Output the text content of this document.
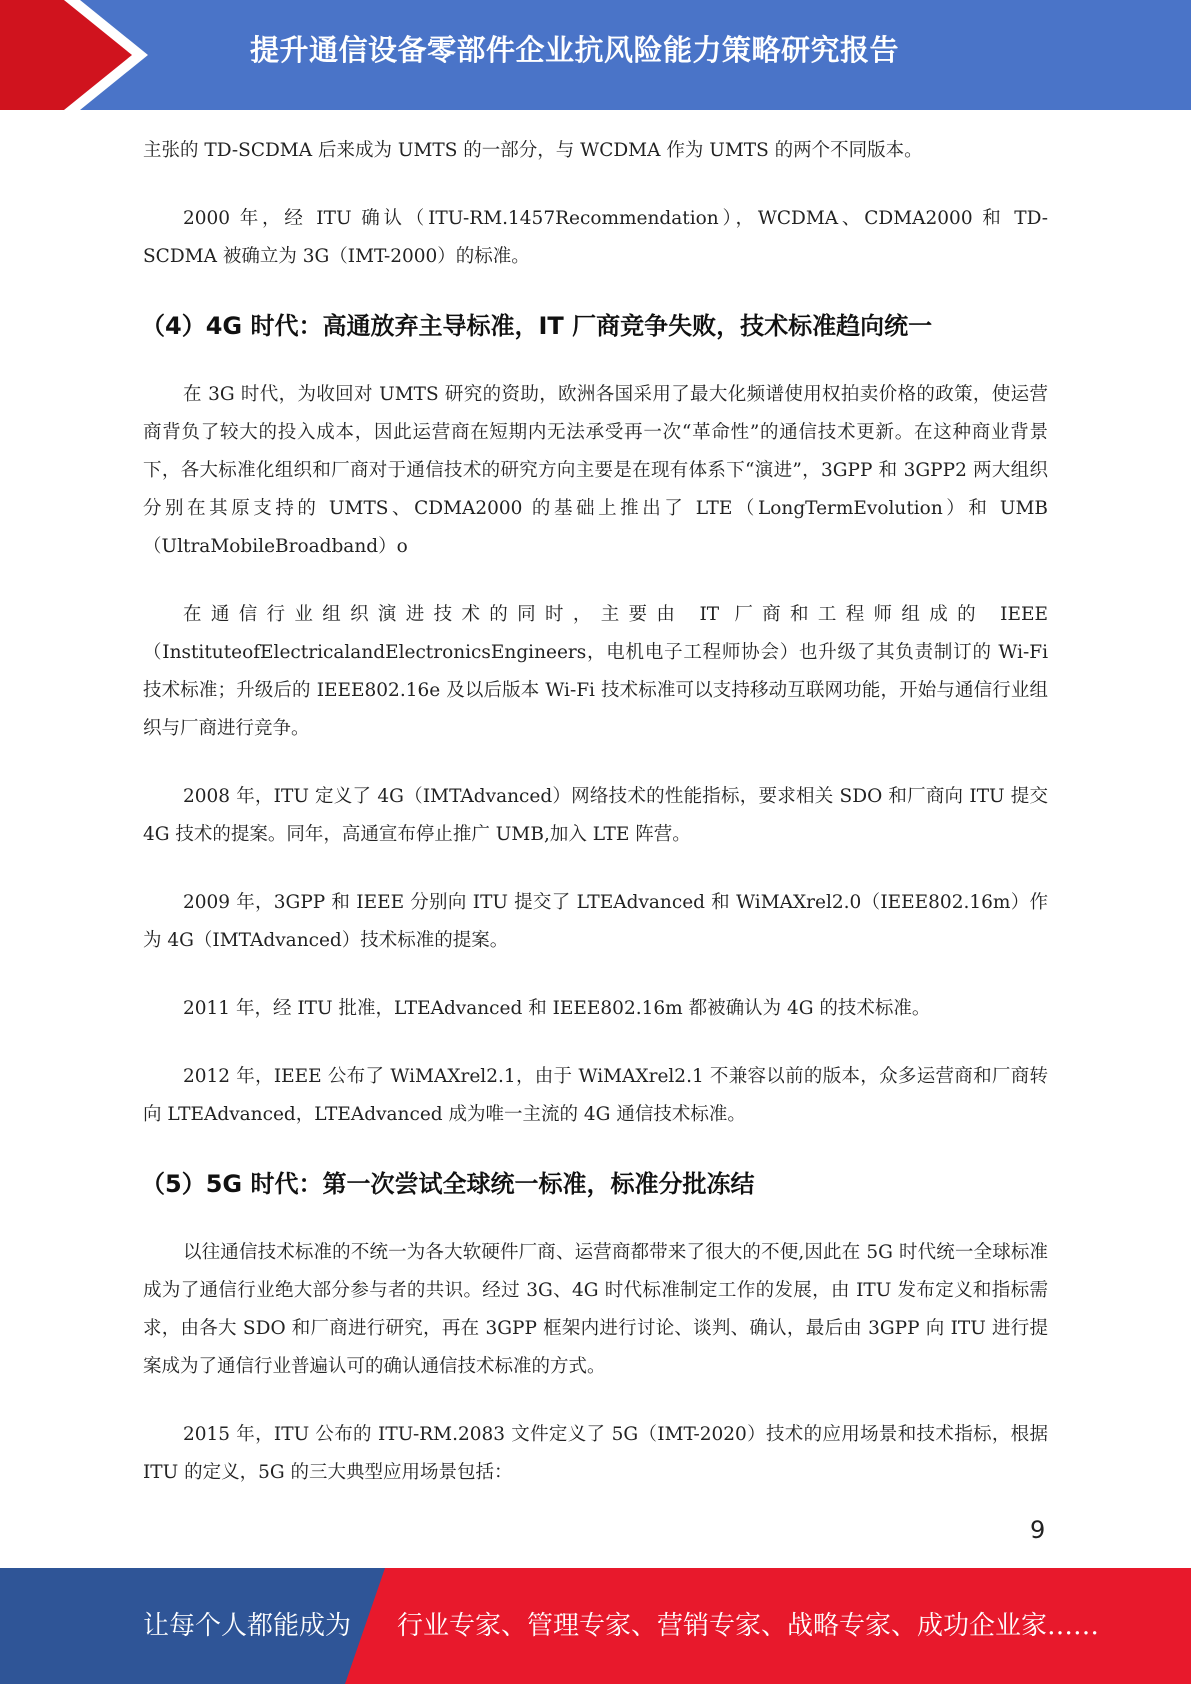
提升通信设备零部件企业抗风险能力策略研究报告

主张的 TD-SCDMA 后来成为 UMTS 的一部分，与 WCDMA 作为 UMTS 的两个不同版本。

2000 年，经 ITU 确认（ITU-RM.1457Recommendation），WCDMA、CDMA2000 和 TD-SCDMA 被确立为 3G（IMT-2000）的标准。

（4）4G 时代：高通放弃主导标准，IT 厂商竞争失败，技术标准趋向统一

在 3G 时代，为收回对 UMTS 研究的资助，欧洲各国采用了最大化频谱使用权拍卖价格的政策，使运营商背负了较大的投入成本，因此运营商在短期内无法承受再一次“革命性”的通信技术更新。在这种商业背景下，各大标准化组织和厂商对于通信技术的研究方向主要是在现有体系下“演进”，3GPP 和 3GPP2 两大组织分别在其原支持的 UMTS、CDMA2000 的基础上推出了 LTE（LongTermEvolution）和 UMB（UltraMobileBroadband）o

在通信行业组织演进技术的同时，主要由 IT 厂商和工程师组成的 IEEE（InstituteofElectricalandElectronicsEngineers，电机电子工程师协会）也升级了其负责制订的 Wi-Fi 技术标准；升级后的 IEEE802.16e 及以后版本 Wi-Fi 技术标准可以支持移动互联网功能，开始与通信行业组织与厂商进行竞争。

2008 年，ITU 定义了 4G（IMTAdvanced）网络技术的性能指标，要求相关 SDO 和厂商向 ITU 提交 4G 技术的提案。同年，高通宣布停止推广 UMB,加入 LTE 阵营。

2009 年，3GPP 和 IEEE 分别向 ITU 提交了 LTEAdvanced 和 WiMAXrel2.0（IEEE802.16m）作为 4G（IMTAdvanced）技术标准的提案。

2011 年，经 ITU 批准，LTEAdvanced 和 IEEE802.16m 都被确认为 4G 的技术标准。

2012 年，IEEE 公布了 WiMAXrel2.1，由于 WiMAXrel2.1 不兼容以前的版本，众多运营商和厂商转向 LTEAdvanced，LTEAdvanced 成为唯一主流的 4G 通信技术标准。

（5）5G 时代：第一次尝试全球统一标准，标准分批冻结

以往通信技术标准的不统一为各大软硬件厂商、运营商都带来了很大的不便,因此在 5G 时代统一全球标准成为了通信行业绝大部分参与者的共识。经过 3G、4G 时代标准制定工作的发展，由 ITU 发布定义和指标需求，由各大 SDO 和厂商进行研究，再在 3GPP 框架内进行讨论、谈判、确认，最后由 3GPP 向 ITU 进行提案成为了通信行业普遍认可的确认通信技术标准的方式。

2015 年，ITU 公布的 ITU-RM.2083 文件定义了 5G（IMT-2020）技术的应用场景和技术指标，根据 ITU 的定义，5G 的三大典型应用场景包括：

9
让每个人都能成为 行业专家、管理专家、营销专家、战略专家、成功企业家……
